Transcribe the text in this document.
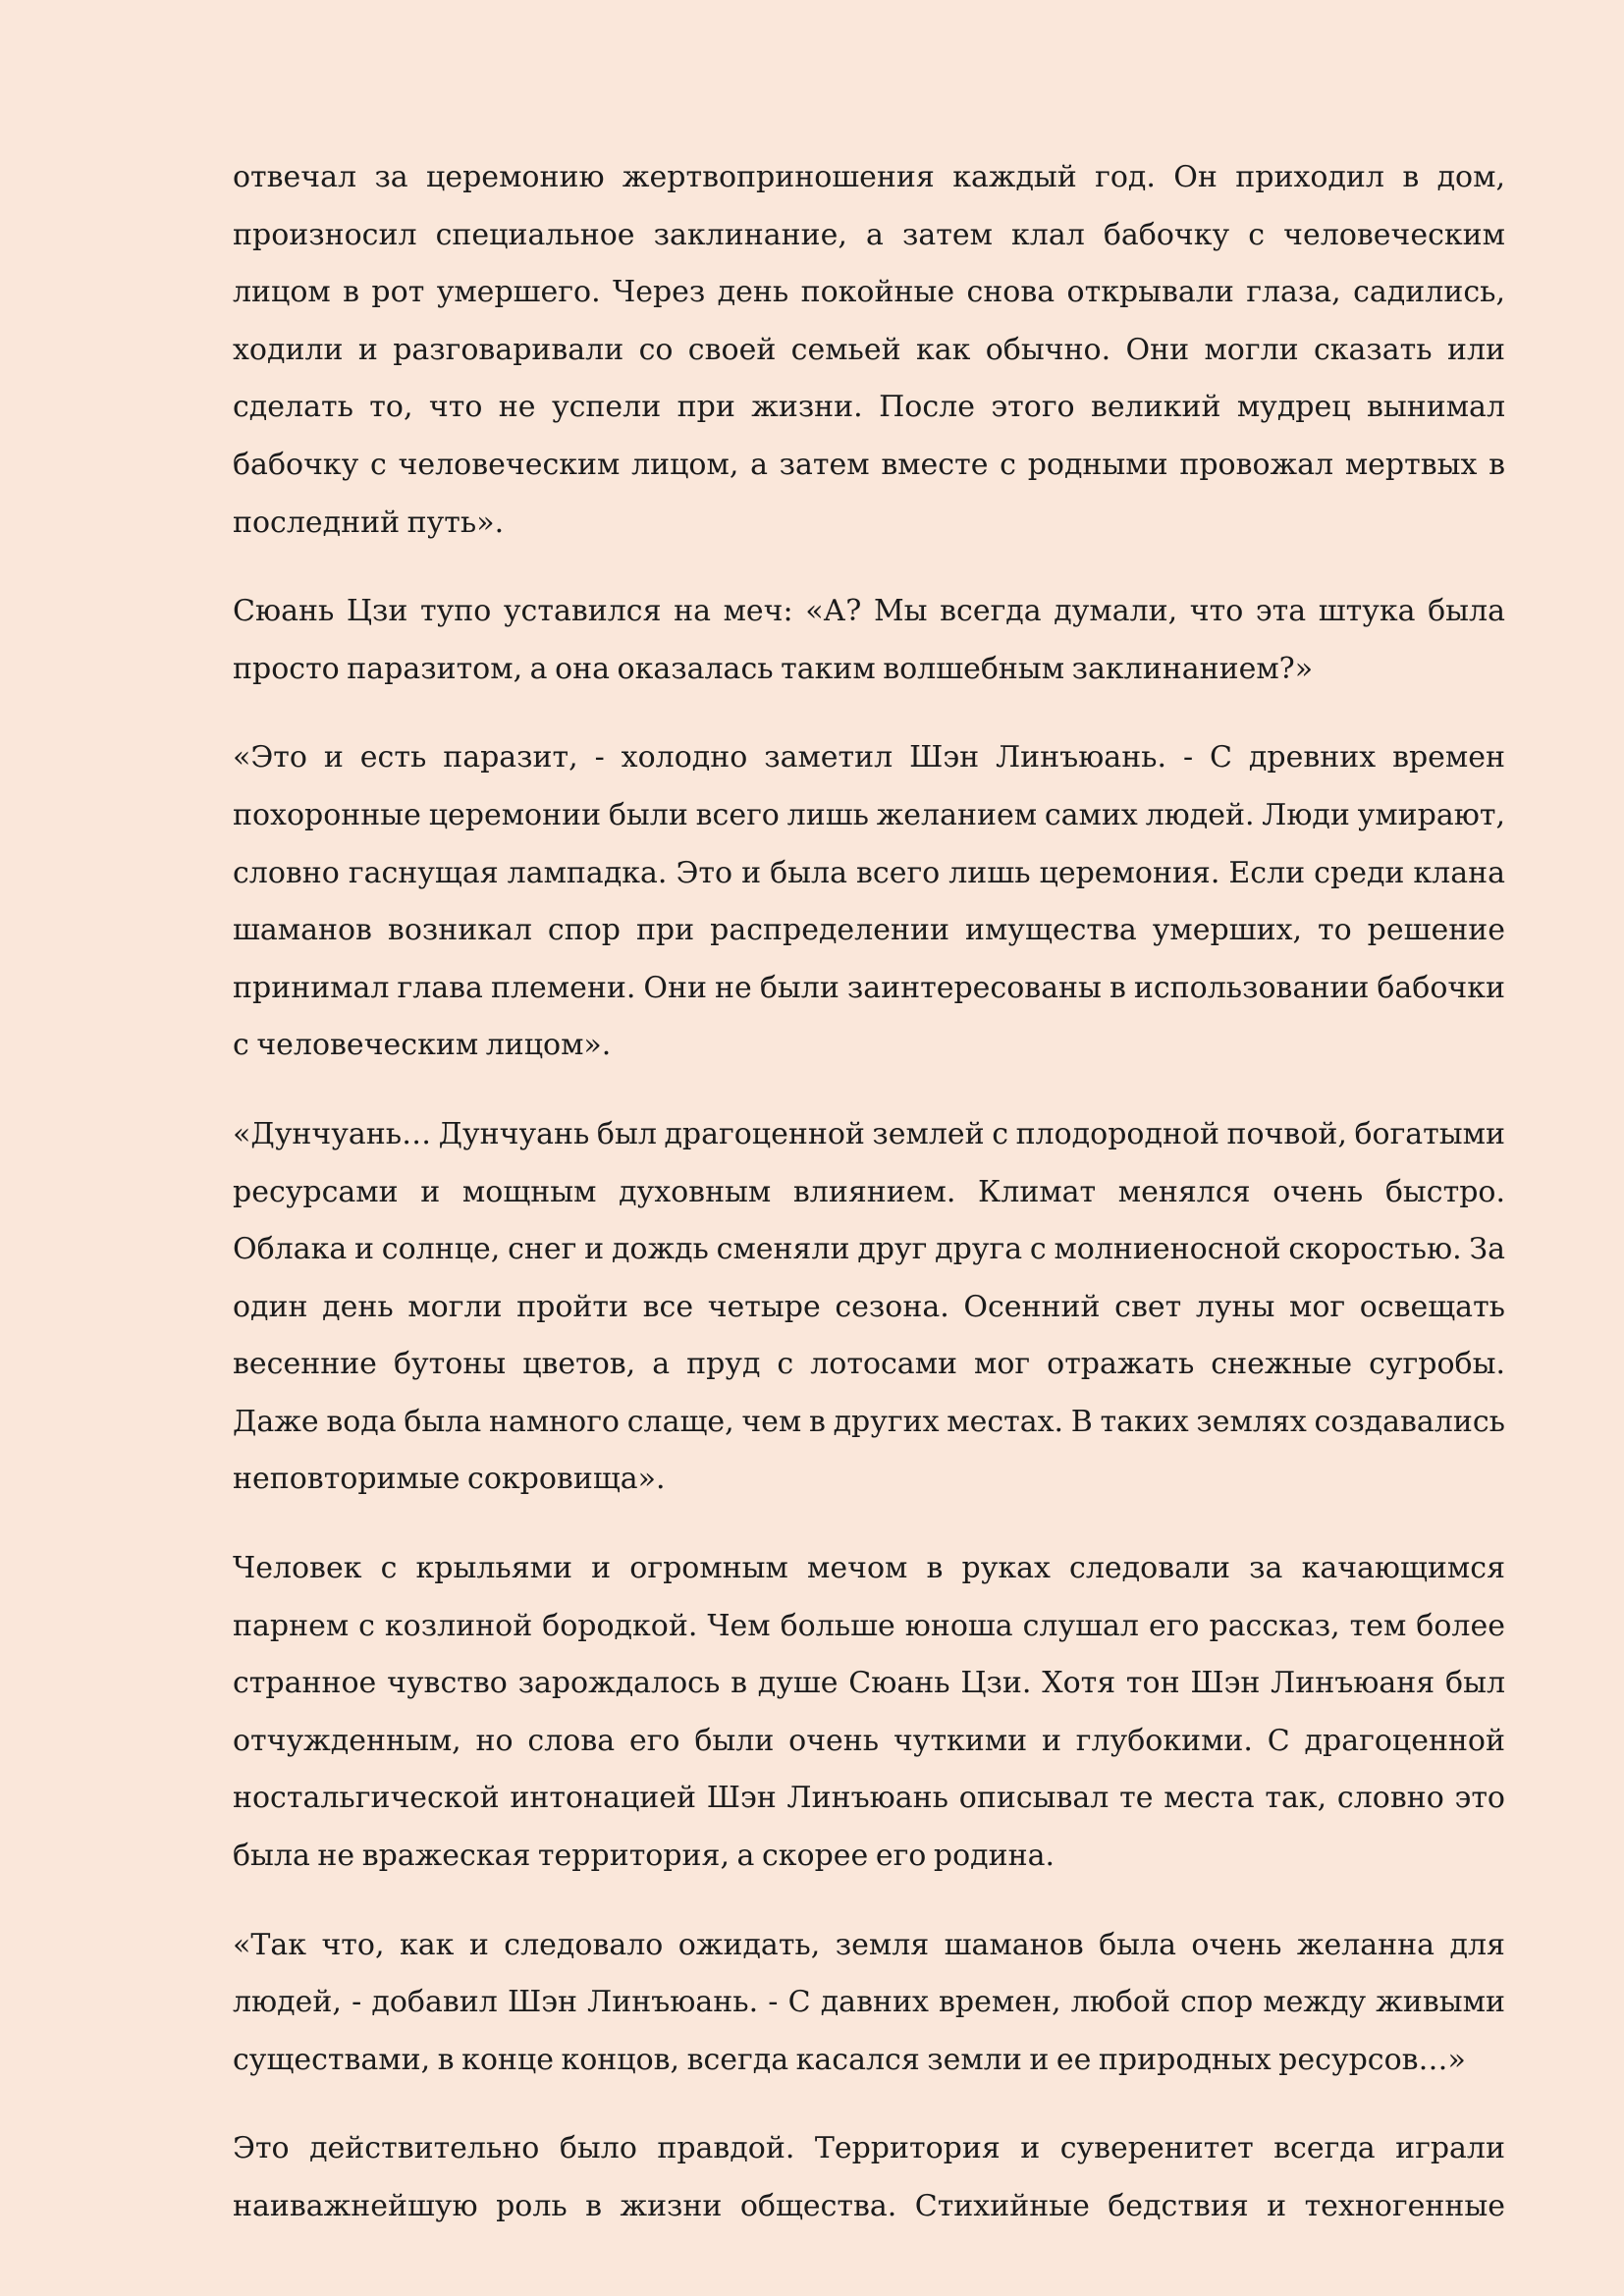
отвечал за церемонию жертвоприношения каждый год. Он приходил в дом, произносил специальное заклинание, а затем клал бабочку с человеческим лицом в рот умершего. Через день покойные снова открывали глаза, садились, ходили и разговаривали со своей семьей как обычно. Они могли сказать или сделать то, что не успели при жизни. После этого великий мудрец вынимал бабочку с человеческим лицом, а затем вместе с родными провожал мертвых в последний путь».

Сюань Цзи тупо уставился на меч: «А? Мы всегда думали, что эта штука была просто паразитом, а она оказалась таким волшебным заклинанием?»

«Это и есть паразит, - холодно заметил Шэн Линъюань. - С древних времен похоронные церемонии были всего лишь желанием самих людей. Люди умирают, словно гаснущая лампадка. Это и была всего лишь церемония. Если среди клана шаманов возникал спор при распределении имущества умерших, то решение принимал глава племени. Они не были заинтересованы в использовании бабочки с человеческим лицом».

«Дунчуань… Дунчуань был драгоценной землей с плодородной почвой, богатыми ресурсами и мощным духовным влиянием. Климат менялся очень быстро. Облака и солнце, снег и дождь сменяли друг друга с молниеносной скоростью. За один день могли пройти все четыре сезона. Осенний свет луны мог освещать весенние бутоны цветов, а пруд с лотосами мог отражать снежные сугробы. Даже вода была намного слаще, чем в других местах. В таких землях создавались неповторимые сокровища».

Человек с крыльями и огромным мечом в руках следовали за качающимся парнем с козлиной бородкой. Чем больше юноша слушал его рассказ, тем более странное чувство зарождалось в душе Сюань Цзи. Хотя тон Шэн Линъюаня был отчужденным, но слова его были очень чуткими и глубокими. С драгоценной ностальгической интонацией Шэн Линъюань описывал те места так, словно это была не вражеская территория, а скорее его родина.

«Так что, как и следовало ожидать, земля шаманов была очень желанна для людей, - добавил Шэн Линъюань. - С давних времен, любой спор между живыми существами, в конце концов, всегда касался земли и ее природных ресурсов…»

Это действительно было правдой. Территория и суверенитет всегда играли наиважнейшую роль в жизни общества. Стихийные бедствия и техногенные
